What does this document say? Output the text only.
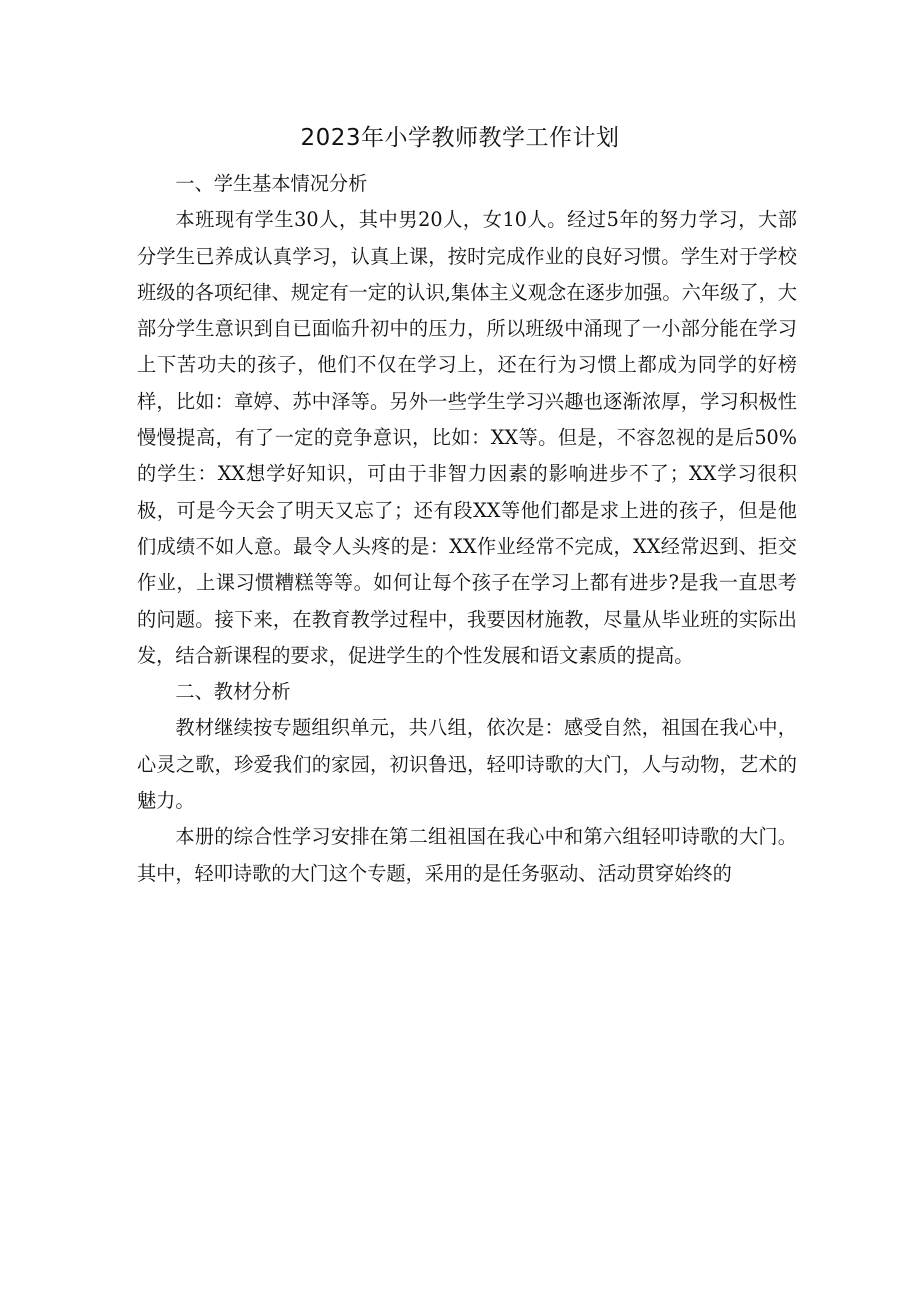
2023年小学教师教学工作计划

一、学生基本情况分析

本班现有学生30人，其中男20人，女10人。经过5年的努力学习，大部分学生已养成认真学习，认真上课，按时完成作业的良好习惯。学生对于学校班级的各项纪律、规定有一定的认识,集体主义观念在逐步加强。六年级了，大部分学生意识到自已面临升初中的压力，所以班级中涌现了一小部分能在学习上下苦功夫的孩子，他们不仅在学习上，还在行为习惯上都成为同学的好榜样，比如：章婷、苏中泽等。另外一些学生学习兴趣也逐渐浓厚，学习积极性慢慢提高，有了一定的竞争意识，比如：XX等。但是，不容忽视的是后50%的学生：XX想学好知识，可由于非智力因素的影响进步不了；XX学习很积极，可是今天会了明天又忘了；还有段XX等他们都是求上进的孩子，但是他们成绩不如人意。最令人头疼的是：XX作业经常不完成，XX经常迟到、拒交作业，上课习惯糟糕等等。如何让每个孩子在学习上都有进步?是我一直思考的问题。接下来，在教育教学过程中，我要因材施教，尽量从毕业班的实际出发，结合新课程的要求，促进学生的个性发展和语文素质的提高。

二、教材分析

教材继续按专题组织单元，共八组，依次是：感受自然，祖国在我心中，心灵之歌，珍爱我们的家园，初识鲁迅，轻叩诗歌的大门，人与动物，艺术的魅力。

本册的综合性学习安排在第二组祖国在我心中和第六组轻叩诗歌的大门。其中，轻叩诗歌的大门这个专题，采用的是任务驱动、活动贯穿始终的
